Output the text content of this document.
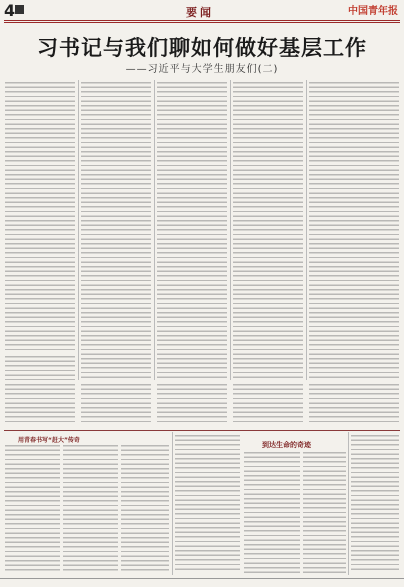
4	要闻	中国青年报
习书记与我们聊如何做好基层工作
——习近平与大学生朋友们(二)
用青春书写“赶大”传奇
到达生命的奇迹
